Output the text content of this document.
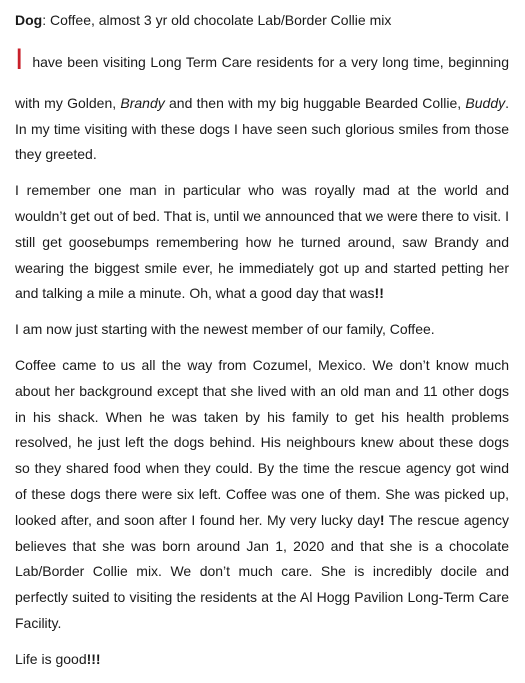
Dog: Coffee, almost 3 yr old chocolate Lab/Border Collie mix

Ihave been visiting Long Term Care residents for a very long time, beginning
with my Golden, Brandy and then with my big huggable Bearded Collie, Buddy. In my time visiting with these dogs I have seen such glorious smiles from those they greeted.

I remember one man in particular who was royally mad at the world and wouldn’t get out of bed. That is, until we announced that we were there to visit. I still get goosebumps remembering how he turned around, saw Brandy and wearing the biggest smile ever, he immediately got up and started petting her and talking a mile a minute. Oh, what a good day that was!!

I am now just starting with the newest member of our family, Coffee.

Coffee came to us all the way from Cozumel, Mexico. We don’t know much about her background except that she lived with an old man and 11 other dogs in his shack. When he was taken by his family to get his health problems resolved, he just left the dogs behind. His neighbours knew about these dogs so they shared food when they could. By the time the rescue agency got wind of these dogs there were six left. Coffee was one of them. She was picked up, looked after, and soon after I found her. My very lucky day! The rescue agency believes that she was born around Jan 1, 2020 and that she is a chocolate Lab/Border Collie mix. We don’t much care. She is incredibly docile and perfectly suited to visiting the residents at the Al Hogg Pavilion Long-Term Care Facility.

Life is good!!!
